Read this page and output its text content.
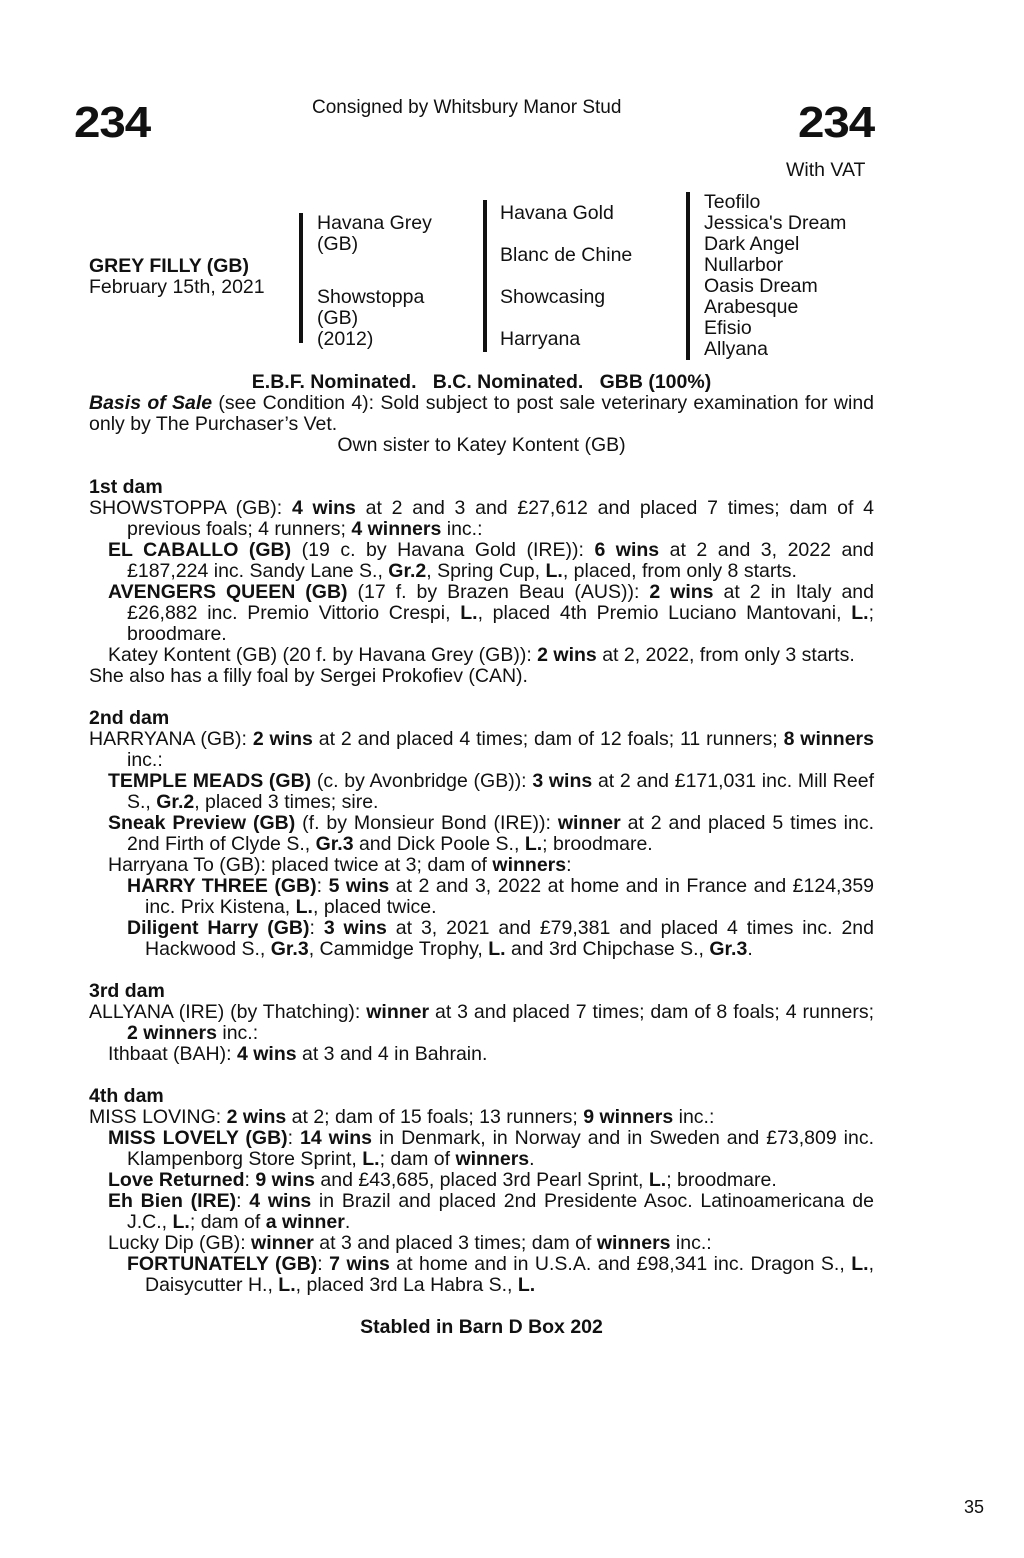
234	234
Consigned by Whitsbury Manor Stud
With VAT
GREY FILLY (GB)
February 15th, 2021
Havana Grey
(GB)
Showstoppa
(GB)
(2012)
Havana Gold
Blanc de Chine
Showcasing
Harryana
Teofilo
Jessica's Dream
Dark Angel
Nullarbor
Oasis Dream
Arabesque
Efisio
Allyana
E.B.F. Nominated.   B.C. Nominated.   GBB (100%)
Basis of Sale (see Condition 4): Sold subject to post sale veterinary examination for wind only by The Purchaser’s Vet.
Own sister to Katey Kontent (GB)
1st dam
SHOWSTOPPA (GB): 4 wins at 2 and 3 and £27,612 and placed 7 times; dam of 4 previous foals; 4 runners; 4 winners inc.:
EL CABALLO (GB) (19 c. by Havana Gold (IRE)): 6 wins at 2 and 3, 2022 and £187,224 inc. Sandy Lane S., Gr.2, Spring Cup, L., placed, from only 8 starts.
AVENGERS QUEEN (GB) (17 f. by Brazen Beau (AUS)): 2 wins at 2 in Italy and £26,882 inc. Premio Vittorio Crespi, L., placed 4th Premio Luciano Mantovani, L.; broodmare.
Katey Kontent (GB) (20 f. by Havana Grey (GB)): 2 wins at 2, 2022, from only 3 starts.
She also has a filly foal by Sergei Prokofiev (CAN).
2nd dam
HARRYANA (GB): 2 wins at 2 and placed 4 times; dam of 12 foals; 11 runners; 8 winners inc.:
TEMPLE MEADS (GB) (c. by Avonbridge (GB)): 3 wins at 2 and £171,031 inc. Mill Reef S., Gr.2, placed 3 times; sire.
Sneak Preview (GB) (f. by Monsieur Bond (IRE)): winner at 2 and placed 5 times inc. 2nd Firth of Clyde S., Gr.3 and Dick Poole S., L.; broodmare.
Harryana To (GB): placed twice at 3; dam of winners:
HARRY THREE (GB): 5 wins at 2 and 3, 2022 at home and in France and £124,359 inc. Prix Kistena, L., placed twice.
Diligent Harry (GB): 3 wins at 3, 2021 and £79,381 and placed 4 times inc. 2nd Hackwood S., Gr.3, Cammidge Trophy, L. and 3rd Chipchase S., Gr.3.
3rd dam
ALLYANA (IRE) (by Thatching): winner at 3 and placed 7 times; dam of 8 foals; 4 runners; 2 winners inc.:
Ithbaat (BAH): 4 wins at 3 and 4 in Bahrain.
4th dam
MISS LOVING: 2 wins at 2; dam of 15 foals; 13 runners; 9 winners inc.:
MISS LOVELY (GB): 14 wins in Denmark, in Norway and in Sweden and £73,809 inc. Klampenborg Store Sprint, L.; dam of winners.
Love Returned: 9 wins and £43,685, placed 3rd Pearl Sprint, L.; broodmare.
Eh Bien (IRE): 4 wins in Brazil and placed 2nd Presidente Asoc. Latinoamericana de J.C., L.; dam of a winner.
Lucky Dip (GB): winner at 3 and placed 3 times; dam of winners inc.:
FORTUNATELY (GB): 7 wins at home and in U.S.A. and £98,341 inc. Dragon S., L., Daisycutter H., L., placed 3rd La Habra S., L.
Stabled in Barn D Box 202
35
